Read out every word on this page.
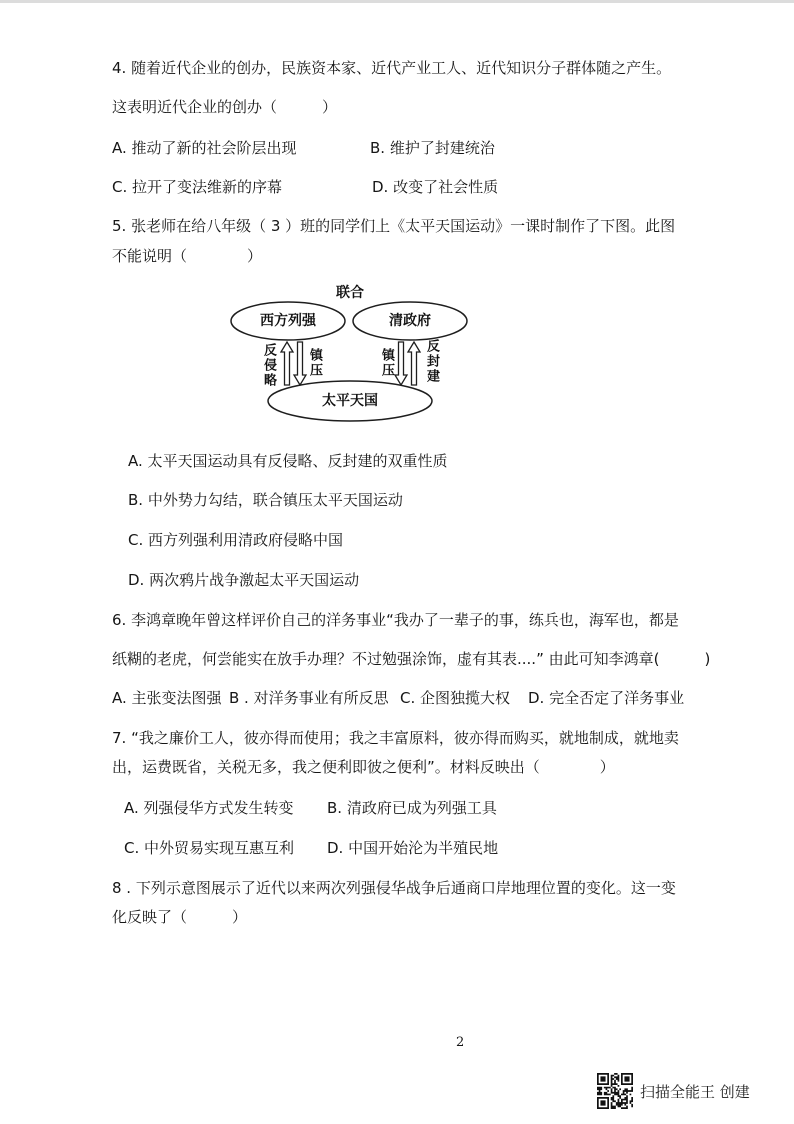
4. 随着近代企业的创办，民族资本家、近代产业工人、近代知识分子群体随之产生。
这表明近代企业的创办（　　　）
A. 推动了新的社会阶层出现	B. 维护了封建统治
C. 拉开了变法维新的序幕	D. 改变了社会性质
5. 张老师在给八年级（ 3 ）班的同学们上《太平天国运动》一课时制作了下图。此图
不能说明（　　　　）
联合
西方列强	清政府
太平天国
反侵略 镇压	镇压 反封建
A. 太平天国运动具有反侵略、反封建的双重性质
B. 中外势力勾结，联合镇压太平天国运动
C. 西方列强利用清政府侵略中国
D. 两次鸦片战争激起太平天国运动
6. 李鸿章晚年曾这样评价自己的洋务事业“我办了一辈子的事，练兵也，海军也，都是
纸糊的老虎，何尝能实在放手办理？不过勉强涂饰，虚有其表....” 由此可知李鸿章(　　　)
A. 主张变法图强 B . 对洋务事业有所反思 C. 企图独揽大权 D. 完全否定了洋务事业
7. “我之廉价工人，彼亦得而使用；我之丰富原料，彼亦得而购买，就地制成，就地卖
出，运费既省，关税无多，我之便利即彼之便利”。材料反映出（　　　　）
A. 列强侵华方式发生转变 B. 清政府已成为列强工具
C. 中外贸易实现互惠互利 D. 中国开始沦为半殖民地
8 . 下列示意图展示了近代以来两次列强侵华战争后通商口岸地理位置的变化。这一变
化反映了（　　　）
2
扫描全能王 创建
